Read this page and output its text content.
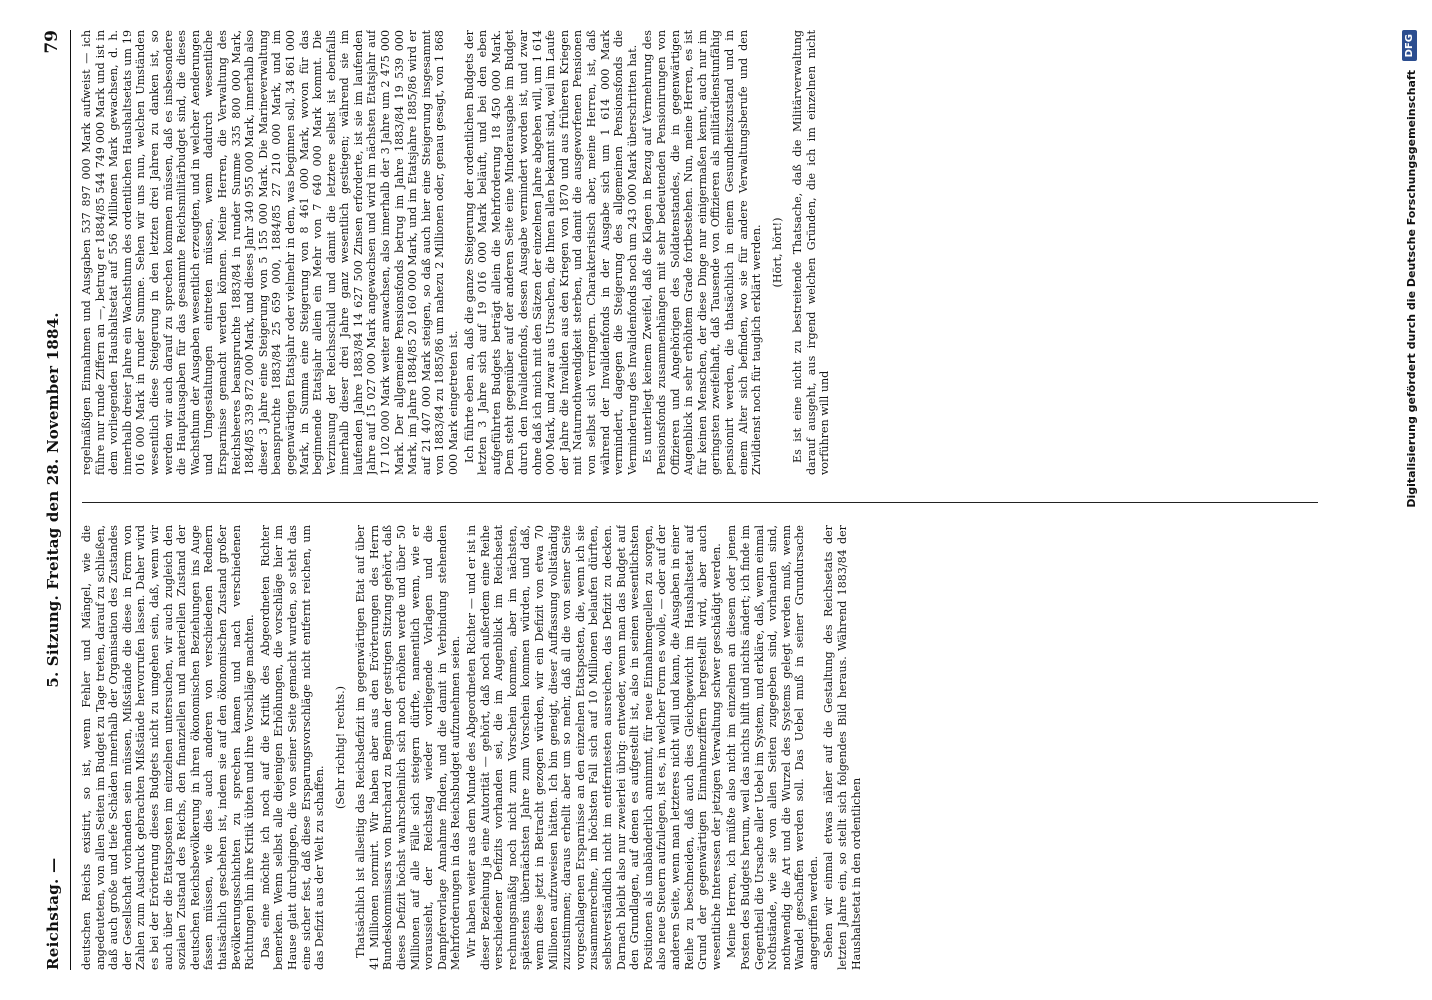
Reichstag. —
5. Sitzung. Freitag den 28. November 1884.
79

deutschen Reichs existirt, so ist, wenn Fehler und Mängel, wie die angedeuteten, von allen Seiten im Budget zu Tage treten, darauf zu schließen, daß auch große und tiefe Schäden innerhalb der Organisation des Zustandes der Gesellschaft vorhanden sein müssen, Mißstände die diese in Form von Zahlen zum Ausdruck gebrachten Mißstände hervorrufen lassen. Daher wird es bei der Erörterung dieses Budgets nicht zu umgehen sein, daß, wenn wir auch über die Etatsposten im einzelnen untersuchen, wir auch zugleich den sozialen Zustand des Reichs, den finanziellen und materiellen Zustand der deutschen Reichsbevölkerung in ihren ökonomischen Beziehungen ins Auge fassen müssen, wie dies auch anderen von verschiedenen Rednern thatsächlich geschehen ist, indem sie auf den ökonomischen Zustand großer Bevölkerungsschichten zu sprechen kamen und nach verschiedenen Richtungen hin ihre Kritik übten und ihre Vorschläge machten. Das eine möchte ich noch auf die Kritik des Abgeordneten Richter bemerken. Wenn selbst alle diejenigen Erhöhungen, die vorschläge hier im Hause glatt durchgingen, die von seiner Seite gemacht wurden, so steht das eine sicher fest, daß diese Ersparungsvorschläge nicht entfernt reichen, um das Defizit aus der Welt zu schaffen.

(Sehr richtig! rechts.) Thatsächlich ist allseitig das Reichsdefizit im gegenwärtigen Etat auf über 41 Millionen normirt. Wir haben aber aus den Erörterungen des Herrn Bundeskommissars von Burchard zu Beginn der gestrigen Sitzung gehört, daß dieses Defizit höchst wahrscheinlich sich noch erhöhen werde und über 50 Millionen auf alle Fälle sich steigern dürfte, namentlich wenn, wie er voraussieht, der Reichstag wieder vorliegende Vorlagen und die Dampfervorlage Annahme finden, und die damit in Verbindung stehenden Mehrforderungen in das Reichsbudget aufzunehmen seien. Wir haben weiter aus dem Munde des Abgeordneten Richter — und er ist in dieser Beziehung ja eine Autorität — gehört, daß noch außerdem eine Reihe verschiedener Defizits vorhanden sei, die im Augenblick im Reichsetat rechnungsmäßig noch nicht zum Vorschein kommen, aber im nächsten, spätestens übernächsten Jahre zum Vorschein kommen würden, und daß, wenn diese jetzt in Betracht gezogen würden, wir ein Defizit von etwa 70 Millionen aufzuweisen hätten. Ich bin geneigt, dieser Auffassung vollständig zuzustimmen; daraus erhellt aber um so mehr, daß all die von seiner Seite vorgeschlagenen Ersparnisse an den einzelnen Etatsposten, die, wenn ich sie zusammenrechne, im höchsten Fall sich auf 10 Millionen belaufen dürften, selbstverständlich nicht im entferntesten ausreichen, das Defizit zu decken. Darnach bleibt also nur zweierlei übrig: entweder, wenn man das Budget auf den Grundlagen, auf denen es aufgestellt ist, also in seinen wesentlichsten Positionen als unabänderlich annimmt, für neue Einnahmequellen zu sorgen, also neue Steuern aufzulegen, ist es, in welcher Form es wolle, — oder auf der anderen Seite, wenn man letzteres nicht will und kann, die Ausgaben in einer Reihe zu beschneiden, daß auch dies Gleichgewicht im Haushaltsetat auf Grund der gegenwärtigen Einnahmeziffern hergestellt wird, aber auch wesentliche Interessen der jetzigen Verwaltung schwer geschädigt werden. Meine Herren, ich müßte also nicht im einzelnen an diesem oder jenem Posten des Budgets herum, weil das nichts hilft und nichts ändert; ich finde im Gegentheil die Ursache aller Uebel im System, und erkläre, daß, wenn einmal Nothstände, wie sie von allen Seiten zugegeben sind, vorhanden sind, nothwendig die Art und die Wurzel des Systems gelegt werden muß, wenn Wandel geschaffen werden soll. Das Uebel muß in seiner Grundursache angegriffen werden. Sehen wir einmal etwas näher auf die Gestaltung des Reichsetats der letzten Jahre ein, so stellt sich folgendes Bild heraus. Während 1883/84 der Haushaltsetat in den ordentlichen

regelmäßigen Einnahmen und Ausgaben 537 897 000 Mark aufweist — ich führe nur runde Ziffern an —, betrug er 1884/85 544 749 000 Mark und ist in dem vorliegenden Haushaltsetat auf 556 Millionen Mark gewachsen, d. h. innerhalb dreier Jahre ein Wachsthum des ordentlichen Haushaltsetats um 19 016 000 Mark in runder Summe. Sehen wir uns nun, welchen Umständen wesentlich diese Steigerung in den letzten drei Jahren zu danken ist, so werden wir auch darauf zu sprechen kommen müssen, daß es insbesondere die Hauptausgaben für das gesammte Reichsmilitärbudget sind, die dieses Wachsthum der Ausgaben wesentlich erzeugten, und in welcher Aenderungen und Umgestaltungen eintreten müssen, wenn dadurch wesentliche Ersparnisse gemacht werden können. Meine Herren, die Verwaltung des Reichsheeres beanspruchte 1883/84 in runder Summe 335 800 000 Mark, 1884/85 339 872 000 Mark, und dieses Jahr 340 955 000 Mark, innerhalb also dieser 3 Jahre eine Steigerung von 5 155 000 Mark. Die Marineverwaltung beanspruchte 1883/84 25 659 000, 1884/85 27 210 000 Mark, und im gegenwärtigen Etatsjahr oder vielmehr in dem, was beginnen soll, 34 861 000 Mark, in Summa eine Steigerung von 8 461 000 Mark, wovon für das beginnende Etatsjahr allein ein Mehr von 7 640 000 Mark kommt. Die Verzinsung der Reichsschuld und damit die letztere selbst ist ebenfalls innerhalb dieser drei Jahre ganz wesentlich gestiegen; während sie im laufenden Jahre 1883/84 14 627 500 Zinsen erforderte, ist sie im laufenden Jahre auf 15 027 000 Mark angewachsen und wird im nächsten Etatsjahr auf 17 102 000 Mark weiter anwachsen, also innerhalb der 3 Jahre um 2 475 000 Mark. Der allgemeine Pensionsfonds betrug im Jahre 1883/84 19 539 000 Mark, im Jahre 1884/85 20 160 000 Mark, und im Etatsjahre 1885/86 wird er auf 21 407 000 Mark steigen, so daß auch hier eine Steigerung insgesammt von 1883/84 zu 1885/86 um nahezu 2 Millionen oder, genau gesagt, von 1 868 000 Mark eingetreten ist. Ich führte eben an, daß die ganze Steigerung der ordentlichen Budgets der letzten 3 Jahre sich auf 19 016 000 Mark beläuft, und bei den eben aufgeführten Budgets beträgt allein die Mehrforderung 18 450 000 Mark. Dem steht gegenüber auf der anderen Seite eine Minderausgabe im Budget durch den Invalidenfonds, dessen Ausgabe vermindert worden ist, und zwar ohne daß ich mich mit den Sätzen der einzelnen Jahre abgeben will, um 1 614 000 Mark, und zwar aus Ursachen, die Ihnen allen bekannt sind, weil im Laufe der Jahre die Invaliden aus den Kriegen von 1870 und aus früheren Kriegen mit Naturnothwendigkeit sterben, und damit die ausgeworfenen Pensionen von selbst sich verringern. Charakteristisch aber, meine Herren, ist, daß während der Invalidenfonds in der Ausgabe sich um 1 614 000 Mark vermindert, dagegen die Steigerung des allgemeinen Pensionsfonds die Verminderung des Invalidenfonds noch um 243 000 Mark überschritten hat. Es unterliegt keinem Zweifel, daß die Klagen in Bezug auf Vermehrung des Pensionsfonds zusammenhängen mit sehr bedeutenden Pensionirungen von Offizieren und Angehörigen des Soldatenstandes, die in gegenwärtigen Augenblick in sehr erhöhtem Grade fortbestehen. Nun, meine Herren, es ist für keinen Menschen, der diese Dinge nur einigermaßen kennt, auch nur im geringsten zweifelhaft, daß Tausende von Offizieren als militärdienstunfähig pensionirt werden, die thatsächlich in einem Gesundheitszustand und in einem Alter sich befinden, wo sie für andere Verwaltungsberufe und den Zivildienst noch für tauglich erklärt werden. (Hört, hört!) Es ist eine nicht zu bestreitende Thatsache, daß die Militärverwaltung darauf ausgeht, aus irgend welchen Gründen, die ich im einzelnen nicht vorführen will und	Digitalisierung gefördert durch die Deutsche Forschungsgemeinschaft
DFG
